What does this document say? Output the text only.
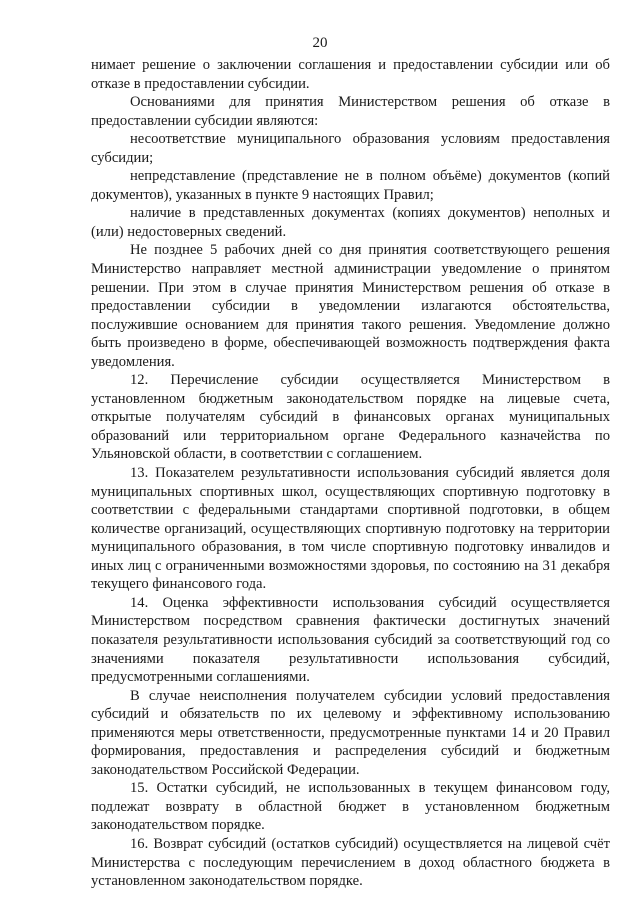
20

нимает решение о заключении соглашения и предоставлении субсидии или об отказе в предоставлении субсидии.

Основаниями для принятия Министерством решения об отказе в предоставлении субсидии являются:

несоответствие муниципального образования условиям предоставления субсидии;

непредставление (представление не в полном объёме) документов (копий документов), указанных в пункте 9 настоящих Правил;

наличие в представленных документах (копиях документов) неполных и (или) недостоверных сведений.

Не позднее 5 рабочих дней со дня принятия соответствующего решения Министерство направляет местной администрации уведомление о принятом решении. При этом в случае принятия Министерством решения об отказе в предоставлении субсидии в уведомлении излагаются обстоятельства, послужившие основанием для принятия такого решения. Уведомление должно быть произведено в форме, обеспечивающей возможность подтверждения факта уведомления.

12. Перечисление субсидии осуществляется Министерством в установленном бюджетным законодательством порядке на лицевые счета, открытые получателям субсидий в финансовых органах муниципальных образований или территориальном органе Федерального казначейства по Ульяновской области, в соответствии с соглашением.

13. Показателем результативности использования субсидий является доля муниципальных спортивных школ, осуществляющих спортивную подготовку в соответствии с федеральными стандартами спортивной подготовки, в общем количестве организаций, осуществляющих спортивную подготовку на территории муниципального образования, в том числе спортивную подготовку инвалидов и иных лиц с ограниченными возможностями здоровья, по состоянию на 31 декабря текущего финансового года.

14. Оценка эффективности использования субсидий осуществляется Министерством посредством сравнения фактически достигнутых значений показателя результативности использования субсидий за соответствующий год со значениями показателя результативности использования субсидий, предусмотренными соглашениями.

В случае неисполнения получателем субсидии условий предоставления субсидий и обязательств по их целевому и эффективному использованию применяются меры ответственности, предусмотренные пунктами 14 и 20 Правил формирования, предоставления и распределения субсидий и бюджетным законодательством Российской Федерации.

15. Остатки субсидий, не использованных в текущем финансовом году, подлежат возврату в областной бюджет в установленном бюджетным законодательством порядке.

16. Возврат субсидий (остатков субсидий) осуществляется на лицевой счёт Министерства с последующим перечислением в доход областного бюджета в установленном законодательством порядке.
